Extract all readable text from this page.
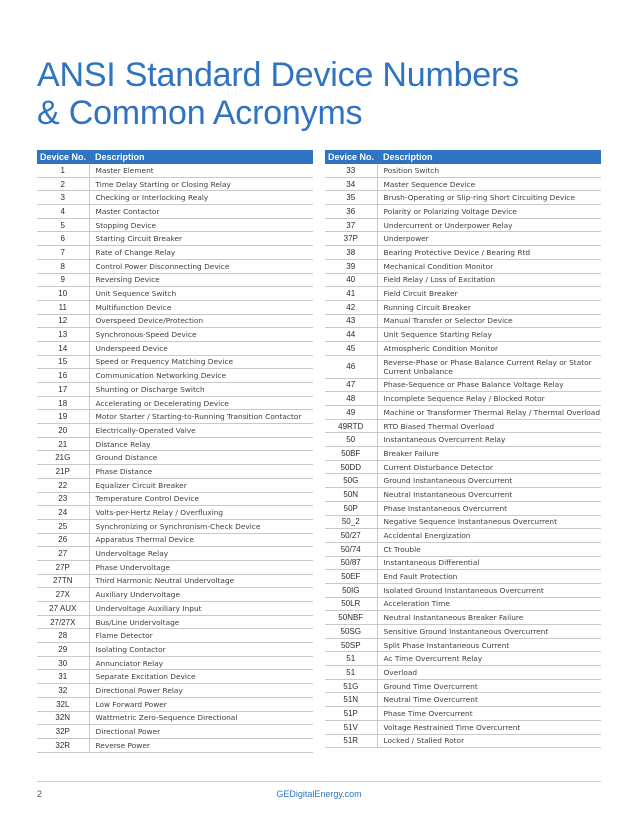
ANSI Standard Device Numbers
& Common Acronyms
Device No.	Description
1	Master Element
2	Time Delay Starting or Closing Relay
3	Checking or Interlocking Realy
4	Master Contactor
5	Stopping Device
6	Starting Circuit Breaker
7	Rate of Change Relay
8	Control Power Disconnecting Device
9	Reversing Device
10	Unit Sequence Switch
11	Multifunction Device
12	Overspeed Device/Protection
13	Synchronous-Speed Device
14	Underspeed Device
15	Speed or Frequency Matching Device
16	Communication Networking Device
17	Shunting or Discharge Switch
18	Accelerating or Decelerating Device
19	Motor Starter / Starting-to-Running Transition Contactor
20	Electrically-Operated Valve
21	Distance Relay
21G	Ground Distance
21P	Phase Distance
22	Equalizer Circuit Breaker
23	Temperature Control Device
24	Volts-per-Hertz Relay / Overfluxing
25	Synchronizing or Synchronism-Check Device
26	Apparatus Thermal Device
27	Undervoltage Relay
27P	Phase Undervoltage
27TN	Third Harmonic Neutral Undervoltage
27X	Auxiliary Undervoltage
27 AUX	Undervoltage Auxiliary Input
27/27X	Bus/Line Undervoltage
28	Flame Detector
29	Isolating Contactor
30	Annunciator Relay
31	Separate Excitation Device
32	Directional Power Relay
32L	Low Forward Power
32N	Wattmetric Zero-Sequence Directional
32P	Directional Power
32R	Reverse Power
Device No.	Description
33	Position Switch
34	Master Sequence Device
35	Brush-Operating or Slip-ring Short Circuiting Device
36	Polarity or Polarizing Voltage Device
37	Undercurrent or Underpower Relay
37P	Underpower
38	Bearing Protective Device / Bearing Rtd
39	Mechanical Condition Monitor
40	Field Relay / Loss of Excitation
41	Field Circuit Breaker
42	Running Circuit Breaker
43	Manual Transfer or Selector Device
44	Unit Sequence Starting Relay
45	Atmospheric Condition Monitor
46	Reverse-Phase or Phase Balance Current Relay or Stator Current Unbalance
47	Phase-Sequence or Phase Balance Voltage Relay
48	Incomplete Sequence Relay / Blocked Rotor
49	Machine or Transformer Thermal Relay / Thermal Overload
49RTD	RTD Biased Thermal Overload
50	Instantaneous Overcurrent Relay
50BF	Breaker Failure
50DD	Current Disturbance Detector
50G	Ground Instantaneous Overcurrent
50N	Neutral Instantaneous Overcurrent
50P	Phase Instantaneous Overcurrent
50_2	Negative Sequence Instantaneous Overcurrent
50/27	Accidental Energization
50/74	Ct Trouble
50/87	Instantaneous Differential
50EF	End Fault Protection
50IG	Isolated Ground Instantaneous Overcurrent
50LR	Acceleration Time
50NBF	Neutral Instantaneous Breaker Failure
50SG	Sensitive Ground Instantaneous Overcurrent
50SP	Split Phase Instantaneous Current
51	Ac Time Overcurrent Relay
51	Overload
51G	Ground Time Overcurrent
51N	Neutral Time Overcurrent
51P	Phase Time Overcurrent
51V	Voltage Restrained Time Overcurrent
51R	Locked / Stalled Rotor
2	GEDigitalEnergy.com
